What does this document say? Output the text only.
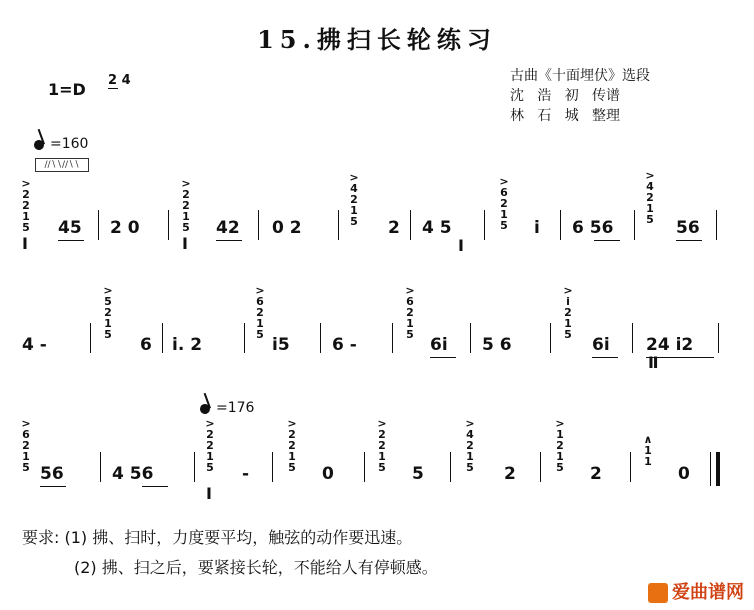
15.拂扫长轮练习
1=D 2 4	古曲《十面埋伏》选段
沈   浩   初   传谱
林   石   城   整理
=160
∕∕∖∖∕∕∖∖
>
2
2
1
5
I
45 2 0
>
2
2
1
5
I
42 0 2
>
4
2
1
5 2 4 5
I
>
6
2
1
5 i 6 56
>
4
2
1
5 56
4 -
>
5
2
1
5
6 i. 2
>
6
2
1
5
i5 6 -
>
6
2
1
5
6i 5 6
>
i
2
1
5
6i 24 i2
Ⅱ
=176
>
6
2
1
5 56	4 56
>
2
2
1
5
I
-
>
2
2
1
5 0
>
2
2
1
5 5
>
4
2
1
5 2
>
1
2
1
5 2
∧
1
1
0
要求: (1) 拂、扫时，力度要平均，触弦的动作要迅速。
(2) 拂、扫之后，要紧接长轮，不能给人有停顿感。
爱曲谱网
